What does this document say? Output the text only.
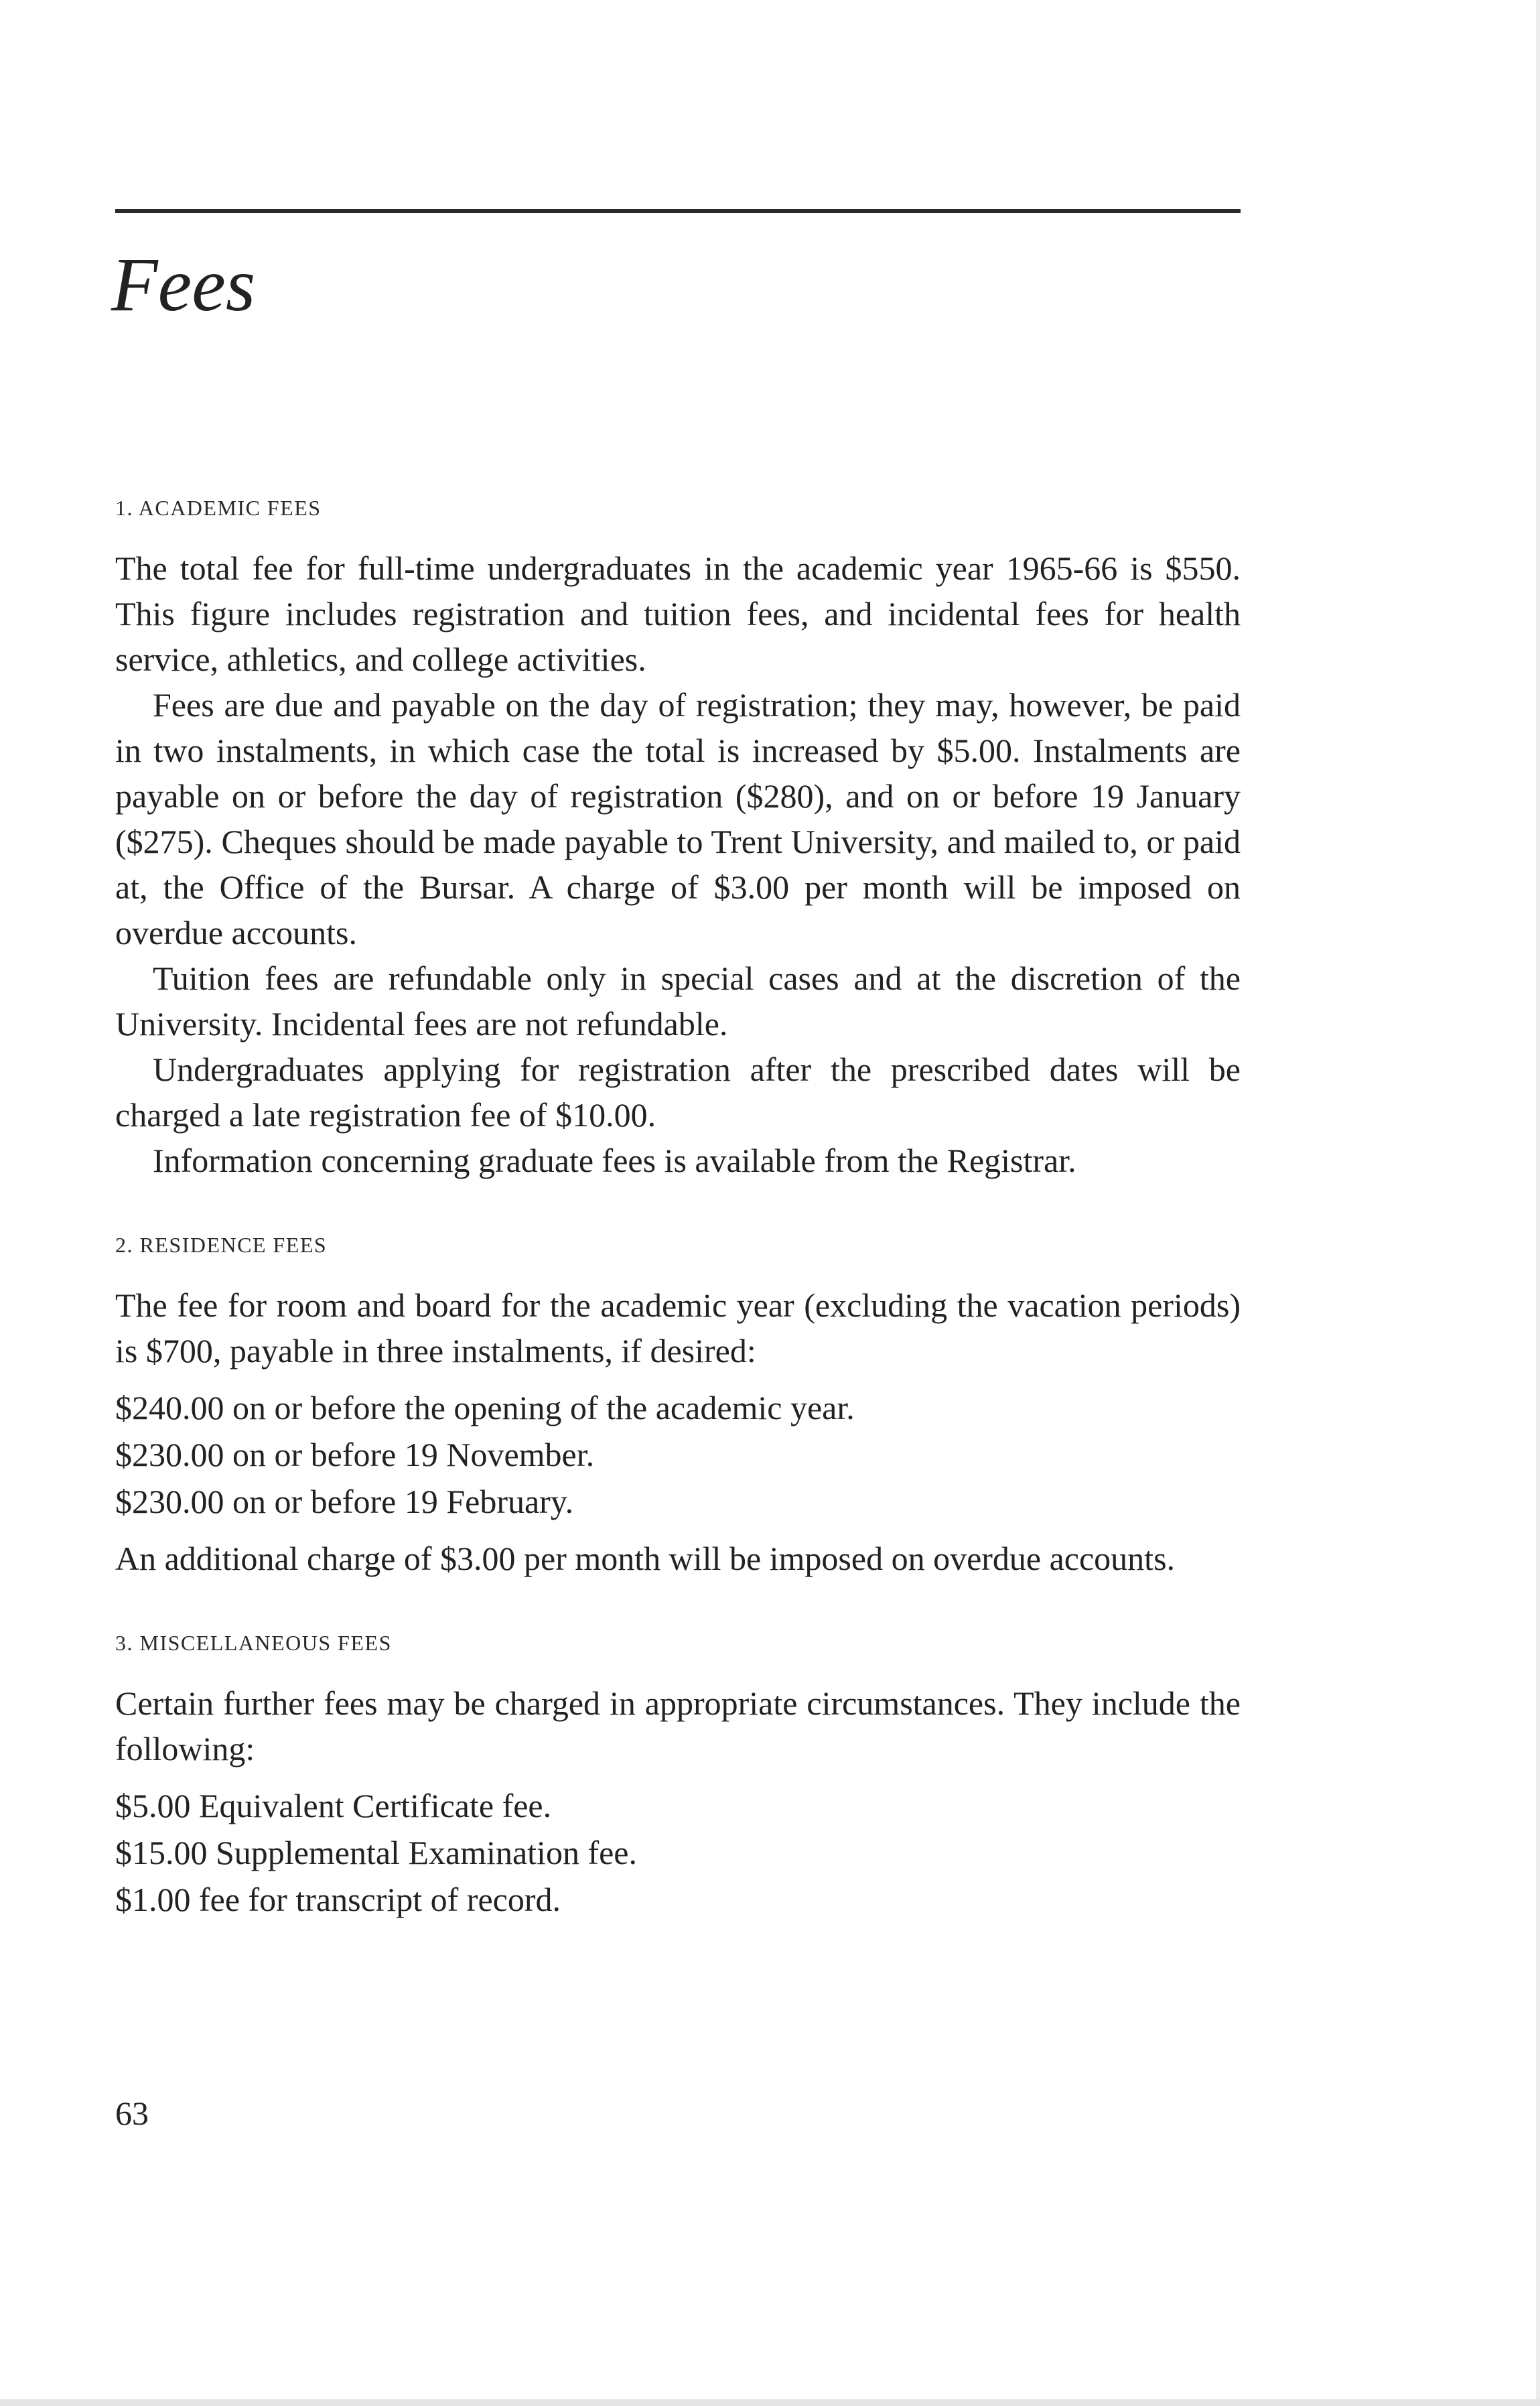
Fees
1. ACADEMIC FEES

The total fee for full-time undergraduates in the academic year 1965-66 is $550. This figure includes registration and tuition fees, and incidental fees for health service, athletics, and college activities.

Fees are due and payable on the day of registration; they may, however, be paid in two instalments, in which case the total is increased by $5.00. Instalments are payable on or before the day of registration ($280), and on or before 19 January ($275). Cheques should be made payable to Trent University, and mailed to, or paid at, the Office of the Bursar. A charge of $3.00 per month will be imposed on overdue accounts.

Tuition fees are refundable only in special cases and at the discretion of the University. Incidental fees are not refundable.

Undergraduates applying for registration after the prescribed dates will be charged a late registration fee of $10.00.

Information concerning graduate fees is available from the Registrar.

2. RESIDENCE FEES

The fee for room and board for the academic year (excluding the vacation periods) is $700, payable in three instalments, if desired:

$240.00 on or before the opening of the academic year.

$230.00 on or before 19 November.

$230.00 on or before 19 February.

An additional charge of $3.00 per month will be imposed on overdue accounts.

3. MISCELLANEOUS FEES

Certain further fees may be charged in appropriate circumstances. They include the following:

$5.00 Equivalent Certificate fee.

$15.00 Supplemental Examination fee.

$1.00 fee for transcript of record.

63
